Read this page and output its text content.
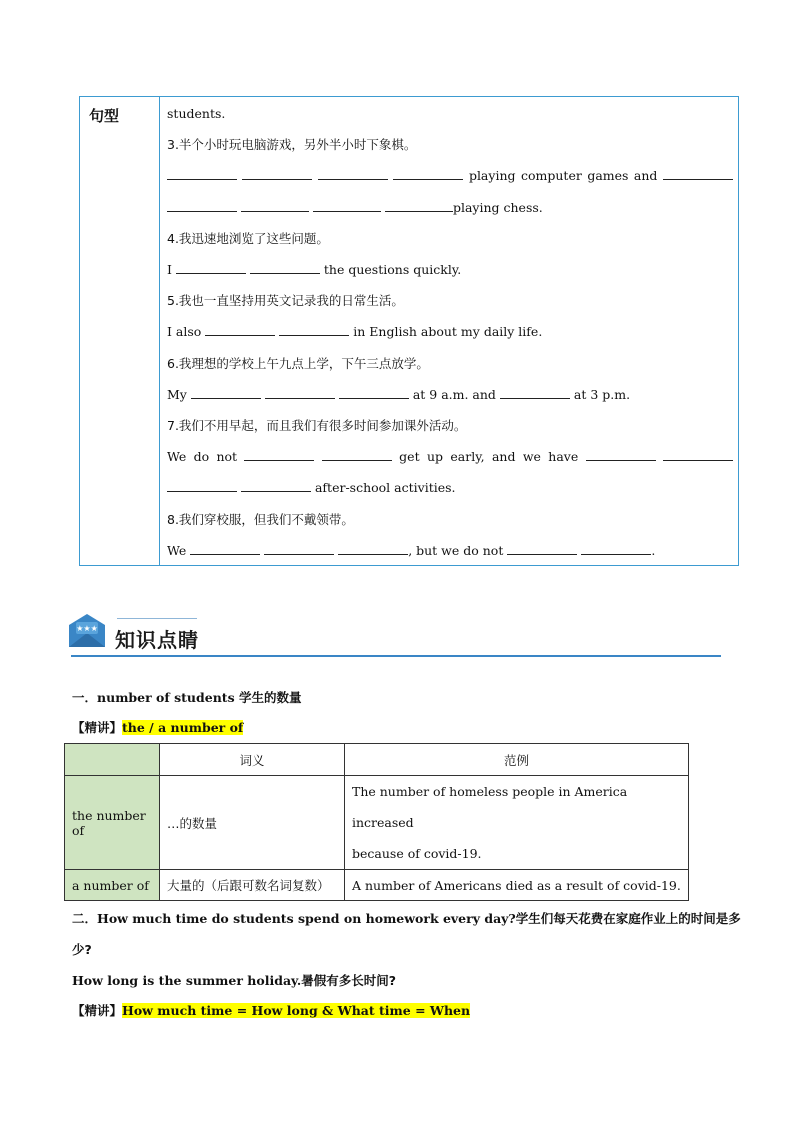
句型	students.
3.半个小时玩电脑游戏，另外半小时下象棋。
playing computer games and
playing chess.
4.我迅速地浏览了这些问题。
I	the questions quickly.
5.我也一直坚持用英文记录我的日常生活。
I also	in English about my daily life.
6.我理想的学校上午九点上学，下午三点放学。
My	at 9 a.m. and	at 3 p.m.
7.我们不用早起，而且我们有很多时间参加课外活动。
We do not	get up early, and we have
after-school activities.
8.我们穿校服，但我们不戴领带。
We	, but we do not	.
★★★ 知识点睛
一．number of students 学生的数量
【精讲】the / a number of
	词义	范例
the number of	…的数量	The number of homeless people in America increased
because of covid-19.

a number of	大量的（后跟可数名词复数）	A number of Americans died as a result of covid-19.
二．How much time do students spend on homework every day?学生们每天花费在家庭作业上的时间是多
少?
How long is the summer holiday.暑假有多长时间?
【精讲】How much time = How long & What time = When
